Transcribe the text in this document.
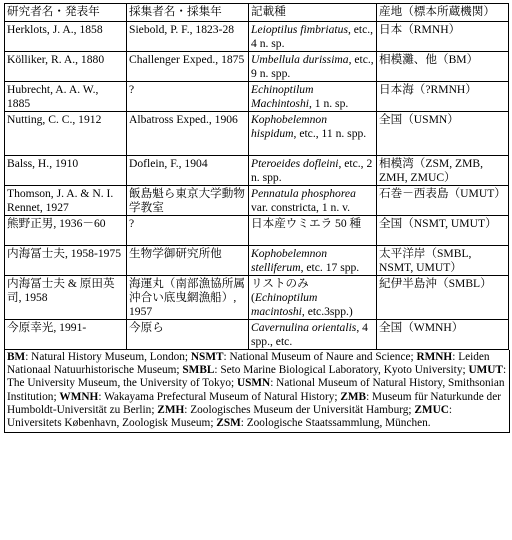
研究者名・発表年	採集者名・採集年	記載種	産地（標本所蔵機関）
Herklots, J. A., 1858	Siebold, P. F., 1823-28	Leioptilus fimbriatus, etc., 4 n. sp.	日本（RMNH）
Kölliker, R. A., 1880	Challenger Exped., 1875	Umbellula durissima, etc., 9 n. spp.	相模灘、他（BM）
Hubrecht, A. A. W., 1885	?	Echinoptilum Machintoshi, 1 n. sp.	日本海（?RMNH）
Nutting, C. C., 1912	Albatross Exped., 1906	Kophobelemnon hispidum, etc., 11 n. spp.	全国（USMN）
Balss, H., 1910	Doflein, F., 1904	Pteroeides dofleini, etc., 2 n. spp.	相模湾（ZSM, ZMB, ZMH, ZMUC）
Thomson, J. A. & N. I. Rennet, 1927	飯島魁ら東京大学動物学教室	Pennatula phosphorea var. constricta, 1 n. v.	石巻－西表島（UMUT）
熊野正男, 1936－60	?	日本産ウミエラ 50 種	全国（NSMT, UMUT）
内海冨士夫, 1958-1975	生物学御研究所他	Kophobelemnon stelliferum, etc. 17 spp.	太平洋岸（SMBL, NSMT, UMUT）
内海冨士夫 & 原田英司, 1958	海運丸（南部漁協所属沖合い底曳網漁船）, 1957	リストのみ (Echinoptilum macintoshi, etc.3spp.)	紀伊半島沖（SMBL）
今原幸光, 1991-	今原ら	Cavernulina orientalis, 4 spp., etc.	全国（WMNH）
BM: Natural History Museum, London; NSMT: National Museum of Naure and Science; RMNH: Leiden Nationaal Natuurhistorische Museum; SMBL: Seto Marine Biological Laboratory, Kyoto University; UMUT: The University Museum, the University of Tokyo; USMN: National Museum of Natural History, Smithsonian Institution; WMNH: Wakayama Prefectural Museum of Natural History; ZMB: Museum für Naturkunde der Humboldt-Universität zu Berlin; ZMH: Zoologisches Museum der Universität Hamburg; ZMUC: Universitets København, Zoologisk Museum; ZSM: Zoologische Staatssammlung, München.
